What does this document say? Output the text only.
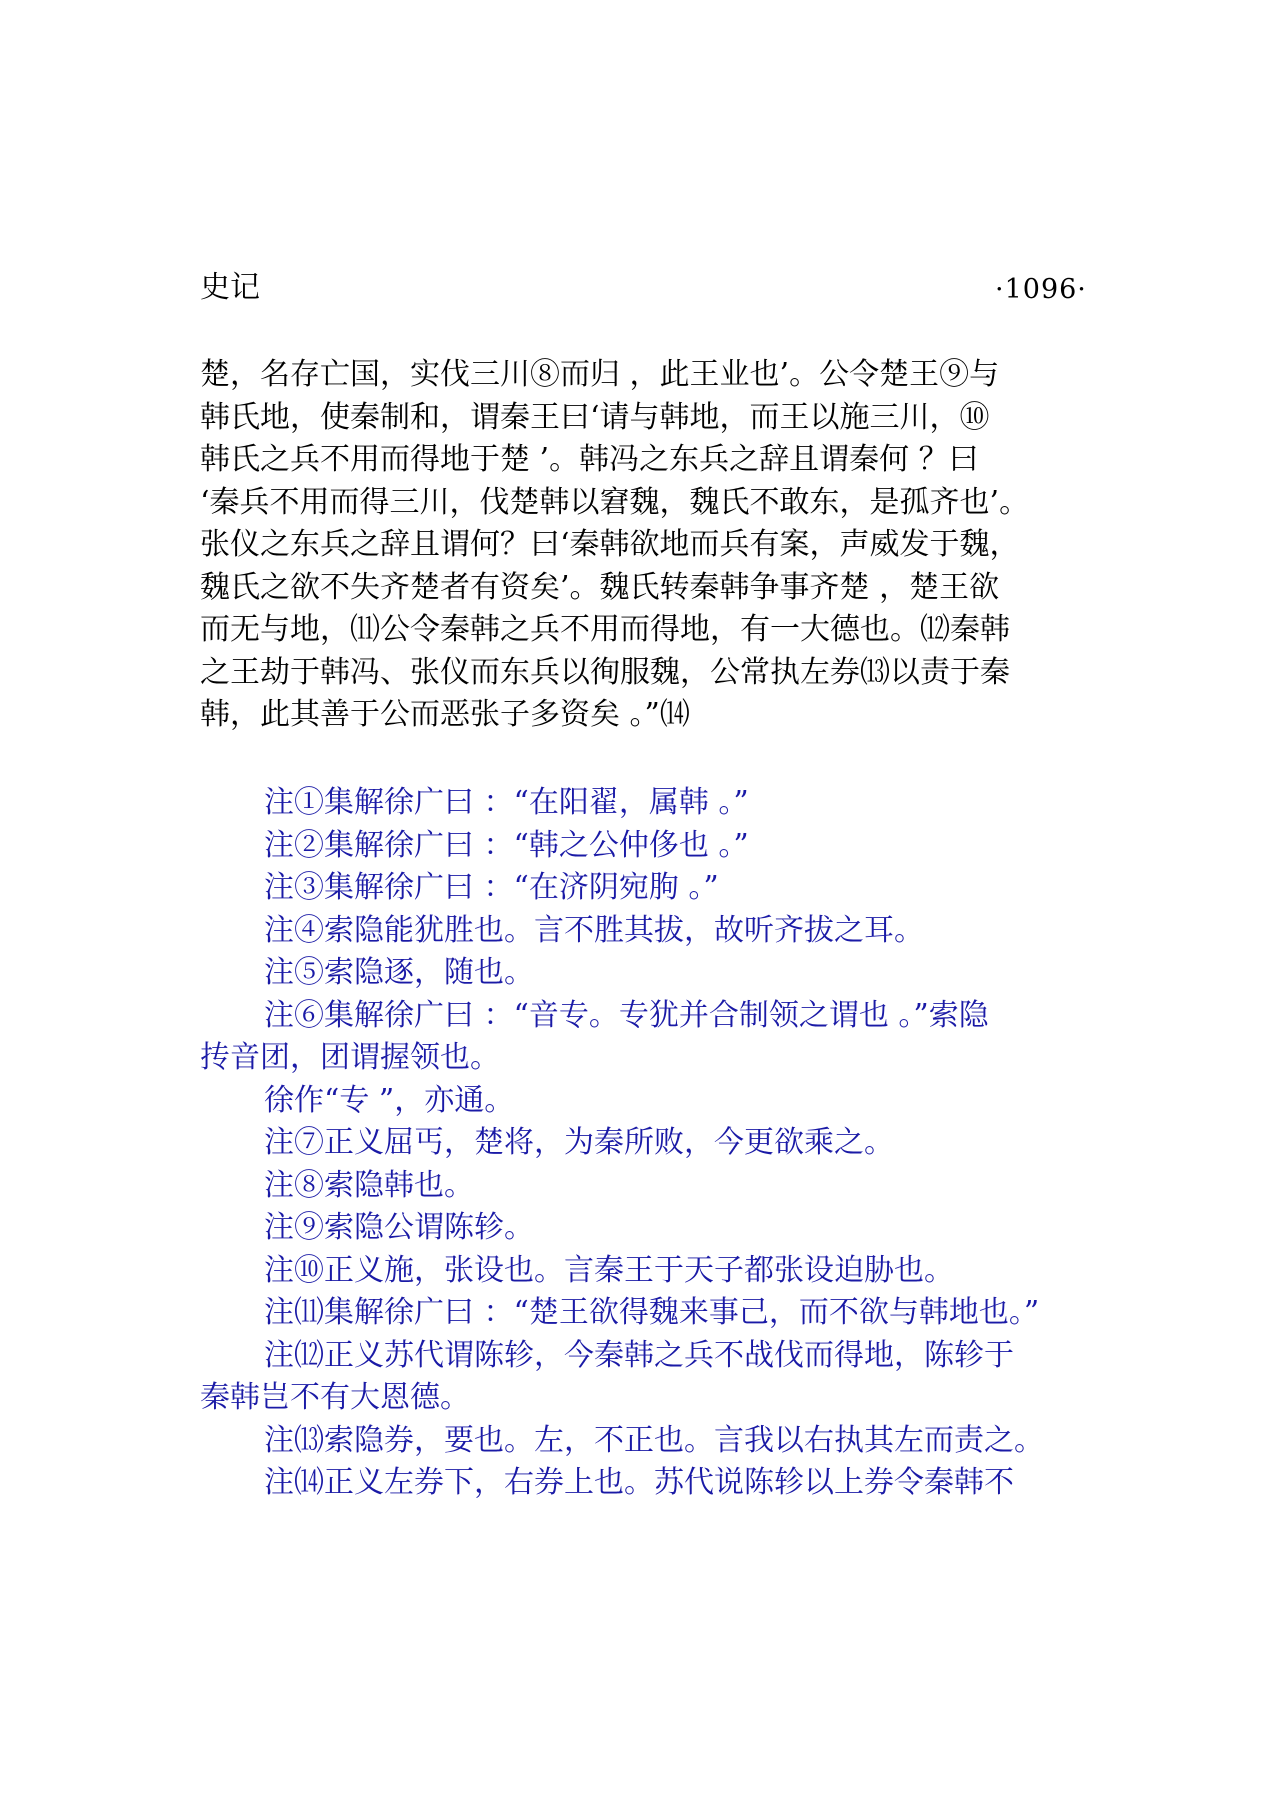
史记	·1096·
楚，名存亡国，实伐三川⑧而归 ，此王业也’。公令楚王⑨与
韩氏地，使秦制和，谓秦王曰‘请与韩地，而王以施三川，⑩
韩氏之兵不用而得地于楚 ’。韩冯之东兵之辞且谓秦何 ？曰
‘秦兵不用而得三川，伐楚韩以窘魏，魏氏不敢东，是孤齐也’。
张仪之东兵之辞且谓何？曰‘秦韩欲地而兵有案，声威发于魏，
魏氏之欲不失齐楚者有资矣’。魏氏转秦韩争事齐楚 ，楚王欲
而无与地，⑾公令秦韩之兵不用而得地，有一大德也。⑿秦韩
之王劫于韩冯、张仪而东兵以徇服魏，公常执左券⒀以责于秦
韩，此其善于公而恶张子多资矣 。”⒁
注①集解徐广曰 ：“在阳翟，属韩 。”
注②集解徐广曰 ：“韩之公仲侈也 。”
注③集解徐广曰 ：“在济阴宛朐 。”
注④索隐能犹胜也。言不胜其拔，故听齐拔之耳。
注⑤索隐逐，随也。
注⑥集解徐广曰 ：“音专。专犹并合制领之谓也 。”索隐
抟音团，团谓握领也。
徐作“专 ”，亦通。
注⑦正义屈丐，楚将，为秦所败，今更欲乘之。
注⑧索隐韩也。
注⑨索隐公谓陈轸。
注⑩正义施，张设也。言秦王于天子都张设迫胁也。
注⑾集解徐广曰 ：“楚王欲得魏来事己，而不欲与韩地也。”
注⑿正义苏代谓陈轸，今秦韩之兵不战伐而得地，陈轸于
秦韩岂不有大恩德。
注⒀索隐券，要也。左，不正也。言我以右执其左而责之。
注⒁正义左券下，右券上也。苏代说陈轸以上券令秦韩不
